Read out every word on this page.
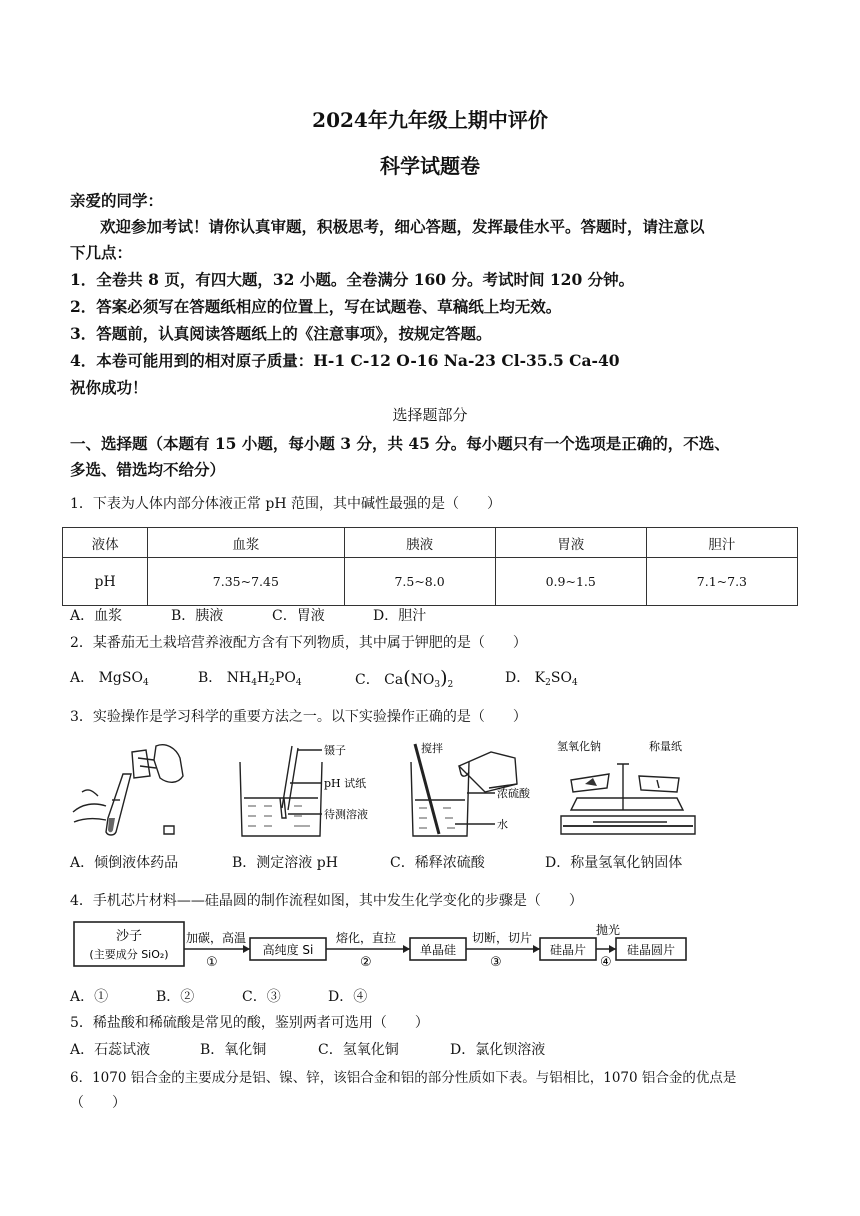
2024年九年级上期中评价
科学试题卷
亲爱的同学：
欢迎参加考试！请你认真审题，积极思考，细心答题，发挥最佳水平。答题时，请注意以
下几点：
1．全卷共 8 页，有四大题，32 小题。全卷满分 160 分。考试时间 120 分钟。
2．答案必须写在答题纸相应的位置上，写在试题卷、草稿纸上均无效。
3．答题前，认真阅读答题纸上的《注意事项》，按规定答题。
4．本卷可能用到的相对原子质量：H-1 C-12 O-16 Na-23 Cl-35.5 Ca-40
祝你成功！
选择题部分
一、选择题（本题有 15 小题，每小题 3 分，共 45 分。每小题只有一个选项是正确的，不选、
多选、错选均不给分）
1．下表为人体内部分体液正常 pH 范围，其中碱性最强的是（　　）
液体	血浆	胰液	胃液	胆汁
pH	7.35~7.45	7.5~8.0	0.9~1.5	7.1~7.3
A．血浆	B．胰液	C．胃液	D．胆汁
2．某番茄无土栽培营养液配方含有下列物质，其中属于钾肥的是（　　）
A． MgSO$_4$	B． $NH_4H_2PO_4$	C． $Ca(NO_3)_2$	D． $K_2SO_4$
3．实验操作是学习科学的重要方法之一。以下实验操作正确的是（　　）
镊子
pH 试纸
待测溶液
搅拌
浓硫酸
水
氢氧化钠	称量纸
A．倾倒液体药品	B．测定溶液 pH	C．稀释浓硫酸	D．称量氢氧化钠固体
4．手机芯片材料——硅晶圆的制作流程如图，其中发生化学变化的步骤是（　　）
沙子
(主要成分 SiO₂)
加碳，高温
①
高纯度 Si
熔化，直拉
②
单晶硅
切断，切片
③
硅晶片
抛光
④
硅晶圆片
A．①	B．②	C．③	D．④
5．稀盐酸和稀硫酸是常见的酸，鉴别两者可选用（　　）
A．石蕊试液	B．氧化铜	C．氢氧化铜	D．氯化钡溶液
6．1070 铝合金的主要成分是铝、镍、锌，该铝合金和铝的部分性质如下表。与铝相比，1070 铝合金的优点是
（　　）
